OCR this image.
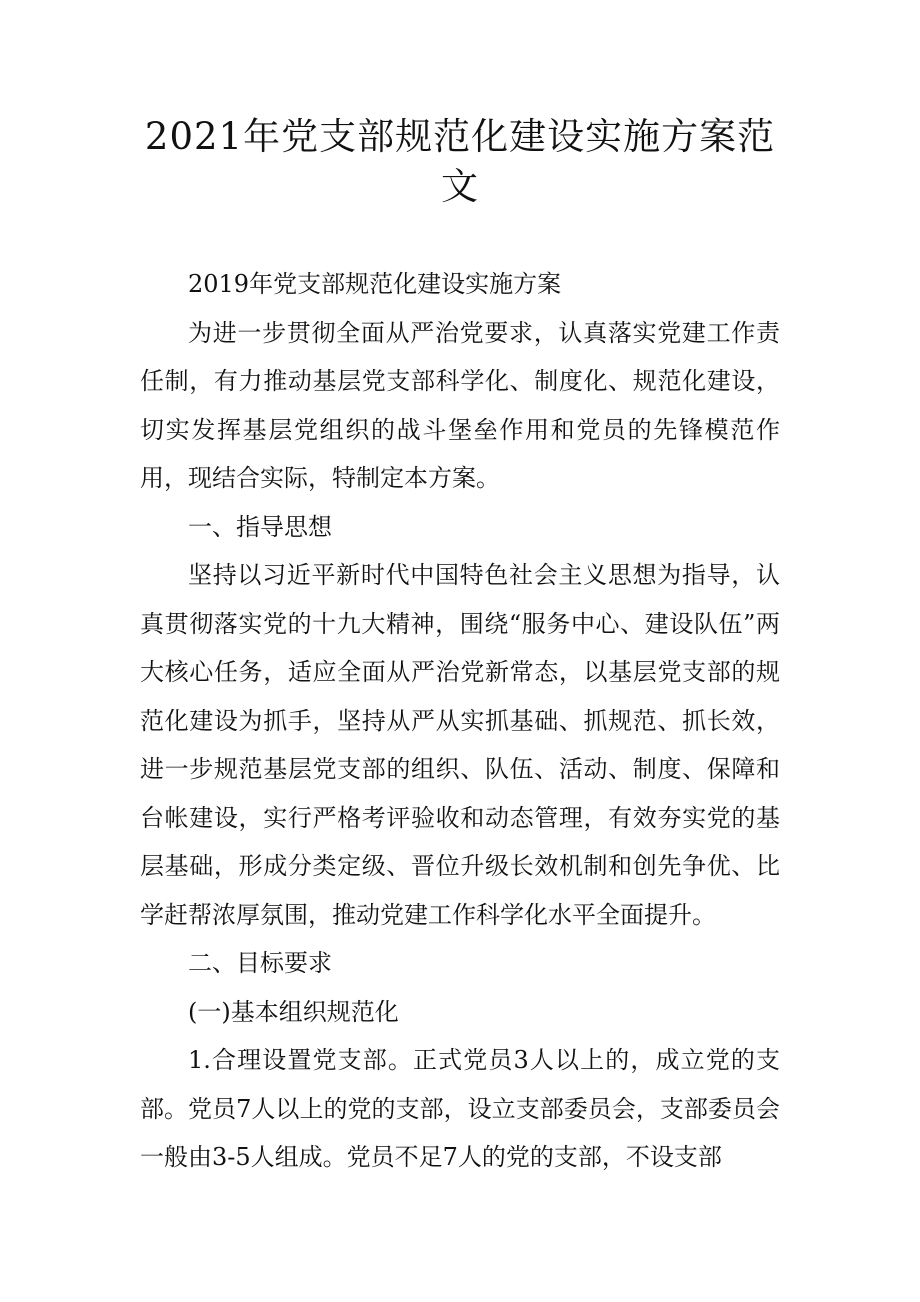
2021年党支部规范化建设实施方案范文

2019年党支部规范化建设实施方案

为进一步贯彻全面从严治党要求，认真落实党建工作责任制，有力推动基层党支部科学化、制度化、规范化建设，切实发挥基层党组织的战斗堡垒作用和党员的先锋模范作用，现结合实际，特制定本方案。

一、指导思想

坚持以习近平新时代中国特色社会主义思想为指导，认真贯彻落实党的十九大精神，围绕“服务中心、建设队伍”两大核心任务，适应全面从严治党新常态，以基层党支部的规范化建设为抓手，坚持从严从实抓基础、抓规范、抓长效，进一步规范基层党支部的组织、队伍、活动、制度、保障和台帐建设，实行严格考评验收和动态管理，有效夯实党的基层基础，形成分类定级、晋位升级长效机制和创先争优、比学赶帮浓厚氛围，推动党建工作科学化水平全面提升。

二、目标要求

(一)基本组织规范化

1.合理设置党支部。正式党员3人以上的，成立党的支部。党员7人以上的党的支部，设立支部委员会，支部委员会一般由3-5人组成。党员不足7人的党的支部，不设支部
